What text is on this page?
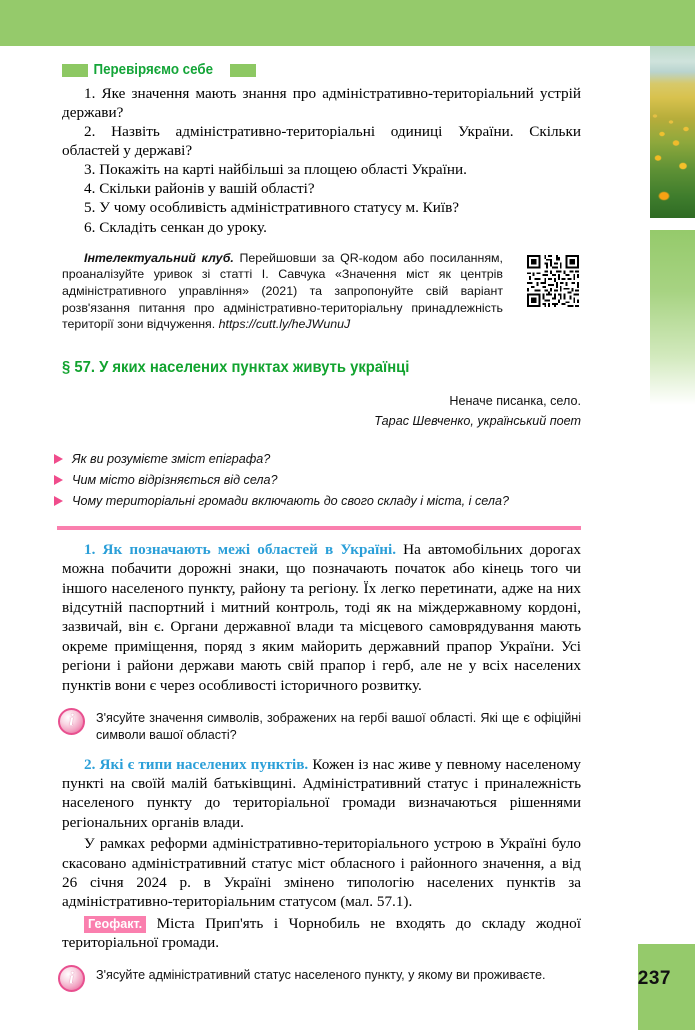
237
Перевіряємо себе

1. Яке значення мають знання про адміністративно-територіальний устрій держави?

2. Назвіть адміністративно-територіальні одиниці України. Скільки областей у державі?

3. Покажіть на карті найбільші за площею області України.

4. Скільки районів у вашій області?

5. У чому особливість адміністративного статусу м. Київ?

6. Складіть сенкан до уроку.

Інтелектуальний клуб. Перейшовши за QR-кодом або посиланням, проаналізуйте уривок зі статті І. Савчука «Значення міст як центрів адміністративного управління» (2021) та запропонуйте свій варіант розв'язання питання про адміністративно-територіальну принадлежність території зони відчуження. https://cutt.ly/heJWunuJ

§ 57. У яких населених пунктах живуть українці
Неначе писанка, село.
Тарас Шевченко, український поет
Як ви розумієте зміст епіграфа?
Чим місто відрізняється від села?
Чому територіальні громади включають до свого складу і міста, і села?

1. Як позначають межі областей в Україні. На автомобільних дорогах можна побачити дорожні знаки, що позначають початок або кінець того чи іншого населеного пункту, району та регіону. Їх легко перетинати, адже на них відсутній паспортний і митний контроль, тоді як на міждержавному кордоні, зазвичай, він є. Органи державної влади та місцевого самоврядування мають окреме приміщення, поряд з яким майорить державний прапор України. Усі регіони і райони держави мають свій прапор і герб, але не у всіх населених пунктів вони є через особливості історичного розвитку.

i
З'ясуйте значення символів, зображених на гербі вашої області. Які ще є офіційні символи вашої області?

2. Які є типи населених пунктів. Кожен із нас живе у певному населеному пункті на своїй малій батьківщині. Адміністративний статус і приналежність населеного пункту до територіальної громади визначаються рішеннями регіональних органів влади.

У рамках реформи адміністративно-територіального устрою в Україні було скасовано адміністративний статус міст обласного і районного значення, а від 26 січня 2024 р. в Україні змінено типологію населених пунктів за адміністративно-територіальним статусом (мал. 57.1).

Геофакт. Міста Прип'ять і Чорнобиль не входять до складу жодної територіальної громади.

i
З'ясуйте адміністративний статус населеного пункту, у якому ви проживаєте.
